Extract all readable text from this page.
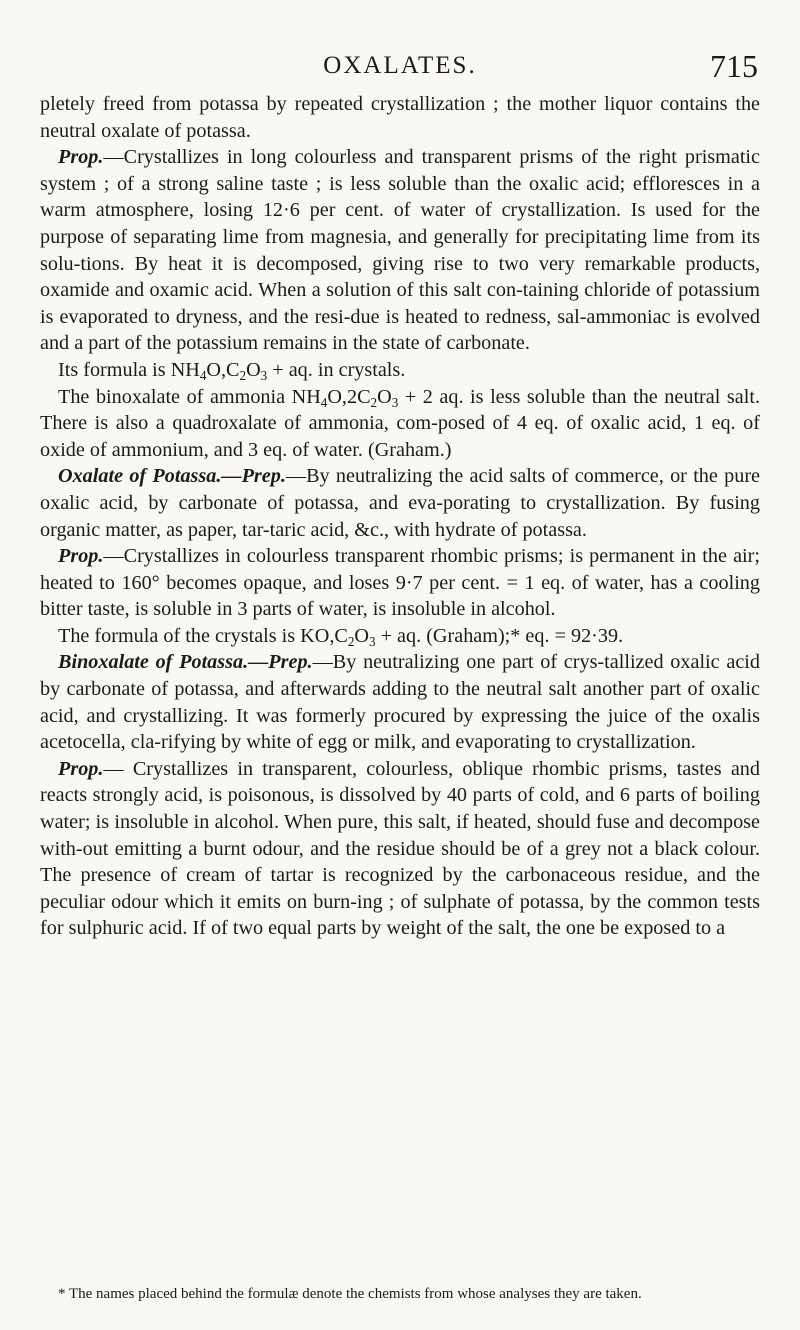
OXALATES.	715

pletely freed from potassa by repeated crystallization ; the mother liquor contains the neutral oxalate of potassa.

Prop.—Crystallizes in long colourless and transparent prisms of the right prismatic system ; of a strong saline taste ; is less soluble than the oxalic acid; effloresces in a warm atmosphere, losing 12·6 per cent. of water of crystallization. Is used for the purpose of separating lime from magnesia, and generally for precipitating lime from its solu-tions. By heat it is decomposed, giving rise to two very remarkable products, oxamide and oxamic acid. When a solution of this salt con-taining chloride of potassium is evaporated to dryness, and the resi-due is heated to redness, sal-ammoniac is evolved and a part of the potassium remains in the state of carbonate.

Its formula is $NH_4O,C_2O_3$ + aq. in crystals.

The binoxalate of ammonia $NH_4O,2C_2O_3 + 2$ aq. is less soluble than the neutral salt. There is also a quadroxalate of ammonia, com-posed of 4 eq. of oxalic acid, 1 eq. of oxide of ammonium, and 3 eq. of water. (Graham.)

Oxalate of Potassa.—Prep.—By neutralizing the acid salts of commerce, or the pure oxalic acid, by carbonate of potassa, and eva-porating to crystallization. By fusing organic matter, as paper, tar-taric acid, &c., with hydrate of potassa.

Prop.—Crystallizes in colourless transparent rhombic prisms; is permanent in the air; heated to 160° becomes opaque, and loses 9·7 per cent. = 1 eq. of water, has a cooling bitter taste, is soluble in 3 parts of water, is insoluble in alcohol.

The formula of the crystals is $KO,C_2O_3$ + aq. (Graham);* eq. = 92·39.

Binoxalate of Potassa.—Prep.—By neutralizing one part of crys-tallized oxalic acid by carbonate of potassa, and afterwards adding to the neutral salt another part of oxalic acid, and crystallizing. It was formerly procured by expressing the juice of the oxalis acetocella, cla-rifying by white of egg or milk, and evaporating to crystallization.

Prop.— Crystallizes in transparent, colourless, oblique rhombic prisms, tastes and reacts strongly acid, is poisonous, is dissolved by 40 parts of cold, and 6 parts of boiling water; is insoluble in alcohol. When pure, this salt, if heated, should fuse and decompose with-out emitting a burnt odour, and the residue should be of a grey not a black colour. The presence of cream of tartar is recognized by the carbonaceous residue, and the peculiar odour which it emits on burn-ing ; of sulphate of potassa, by the common tests for sulphuric acid. If of two equal parts by weight of the salt, the one be exposed to a

* The names placed behind the formulæ denote the chemists from whose analyses they are taken.
